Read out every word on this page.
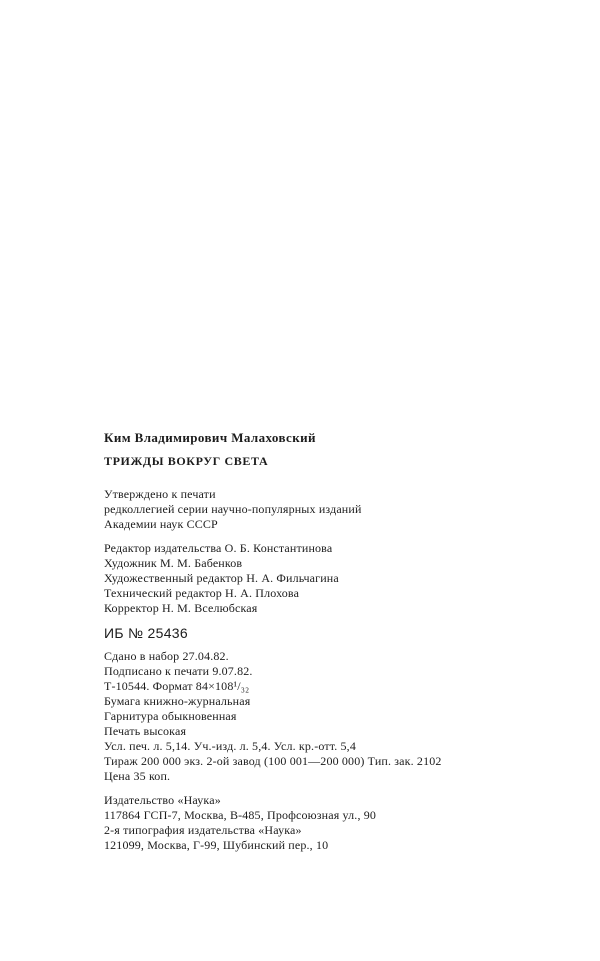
Ким Владимирович Малаховский
ТРИЖДЫ ВОКРУГ СВЕТА
Утверждено к печати
редколлегией серии научно-популярных изданий
Академии наук СССР
Редактор издательства О. Б. Константинова
Художник М. М. Бабенков
Художественный редактор Н. А. Фильчагина
Технический редактор Н. А. Плохова
Корректор Н. М. Вселюбская
ИБ № 25436
Сдано в набор 27.04.82.
Подписано к печати 9.07.82.
Т-10544. Формат 84×108¹/₃₂
Бумага книжно-журнальная
Гарнитура обыкновенная
Печать высокая
Усл. печ. л. 5,14. Уч.-изд. л. 5,4. Усл. кр.-отт. 5,4
Тираж 200 000 экз. 2-ой завод (100 001—200 000) Тип. зак. 2102
Цена 35 коп.
Издательство «Наука»
117864 ГСП-7, Москва, В-485, Профсоюзная ул., 90
2-я типография издательства «Наука»
121099, Москва, Г-99, Шубинский пер., 10
